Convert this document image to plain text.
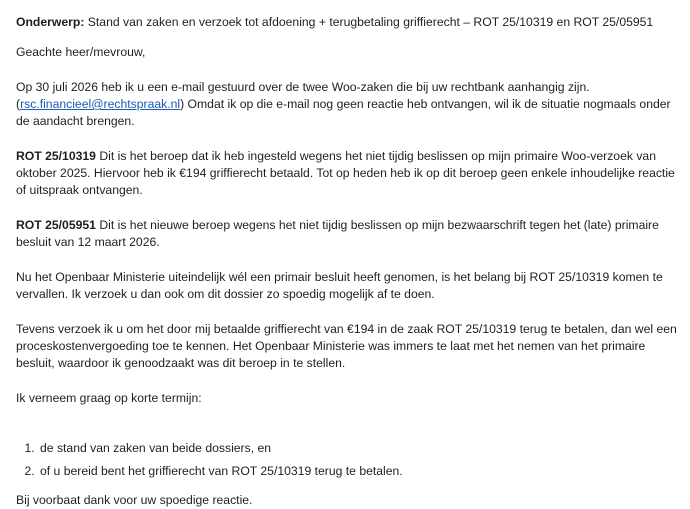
Onderwerp: Stand van zaken en verzoek tot afdoening + terugbetaling griffierecht – ROT 25/10319 en ROT 25/05951

Geachte heer/mevrouw,

Op 30 juli 2026 heb ik u een e-mail gestuurd over de twee Woo-zaken die bij uw rechtbank aanhangig zijn. (rsc.financieel@rechtspraak.nl) Omdat ik op die e-mail nog geen reactie heb ontvangen, wil ik de situatie nogmaals onder de aandacht brengen.

ROT 25/10319 Dit is het beroep dat ik heb ingesteld wegens het niet tijdig beslissen op mijn primaire Woo-verzoek van oktober 2025. Hiervoor heb ik €194 griffierecht betaald. Tot op heden heb ik op dit beroep geen enkele inhoudelijke reactie of uitspraak ontvangen.

ROT 25/05951 Dit is het nieuwe beroep wegens het niet tijdig beslissen op mijn bezwaarschrift tegen het (late) primaire besluit van 12 maart 2026.

Nu het Openbaar Ministerie uiteindelijk wél een primair besluit heeft genomen, is het belang bij ROT 25/10319 komen te vervallen. Ik verzoek u dan ook om dit dossier zo spoedig mogelijk af te doen.

Tevens verzoek ik u om het door mij betaalde griffierecht van €194 in de zaak ROT 25/10319 terug te betalen, dan wel een proceskostenvergoeding toe te kennen. Het Openbaar Ministerie was immers te laat met het nemen van het primaire besluit, waardoor ik genoodzaakt was dit beroep in te stellen.

Ik verneem graag op korte termijn:

1. de stand van zaken van beide dossiers, en
2. of u bereid bent het griffierecht van ROT 25/10319 terug te betalen.

Bij voorbaat dank voor uw spoedige reactie.
